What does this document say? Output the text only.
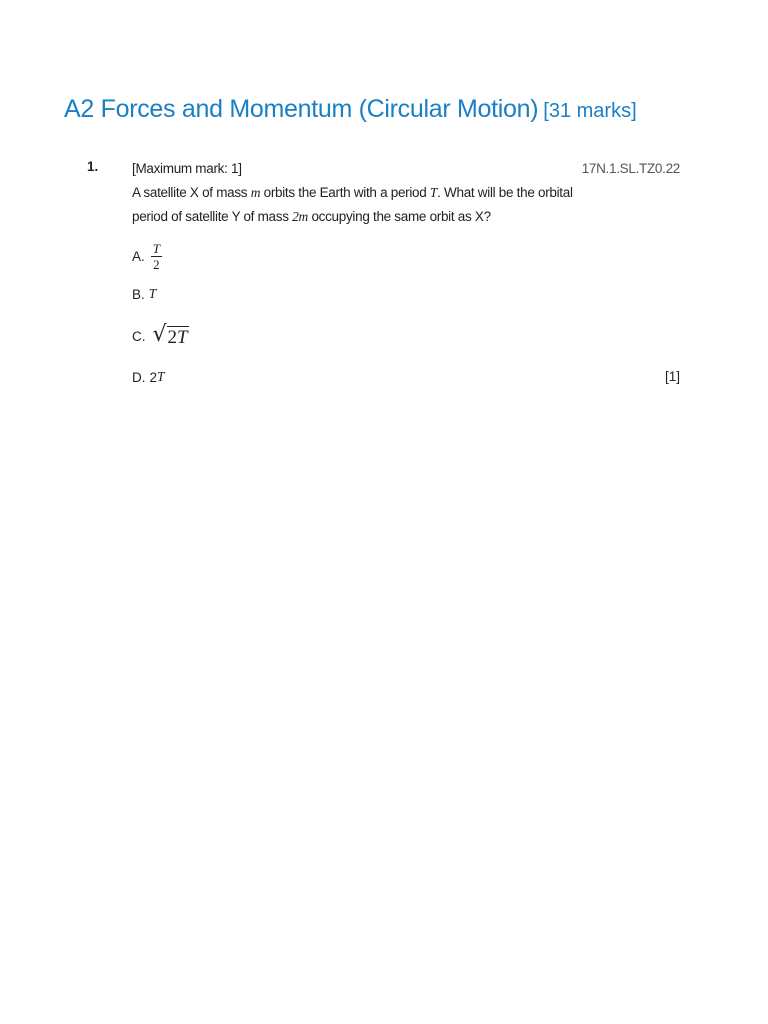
A2 Forces and Momentum (Circular Motion) [31 marks]
1. [Maximum mark: 1]
A satellite X of mass m orbits the Earth with a period T. What will be the orbital period of satellite Y of mass 2m occupying the same orbit as X?
17N.1.SL.TZ0.22
A. $\frac{T}{2}$
B. T
C. √ 2T
D. 2 T	[1]
